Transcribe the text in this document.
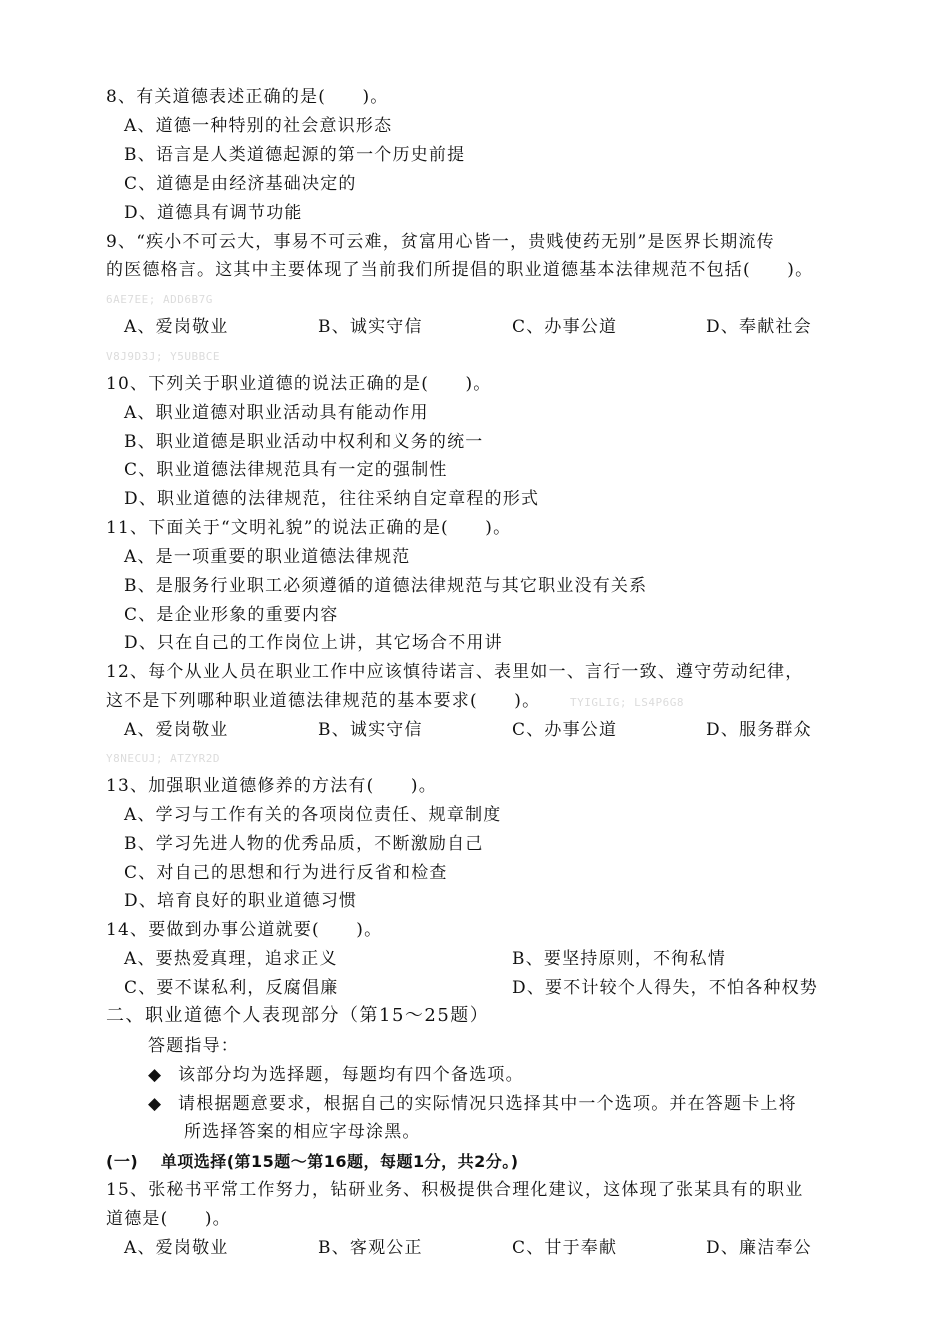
8、有关道德表述正确的是(　　)。
A、道德一种特别的社会意识形态
B、语言是人类道德起源的第一个历史前提
C、道德是由经济基础决定的
D、道德具有调节功能
9、“疾小不可云大，事易不可云难，贫富用心皆一，贵贱使药无别”是医界长期流传
的医德格言。这其中主要体现了当前我们所提倡的职业道德基本法律规范不包括(　　)。
6AE7EE; ADD6B7G
A、爱岗敬业	B、诚实守信	C、办事公道	D、奉献社会
V8J9D3J; Y5UBBCE
10、下列关于职业道德的说法正确的是(　　)。
A、职业道德对职业活动具有能动作用
B、职业道德是职业活动中权利和义务的统一
C、职业道德法律规范具有一定的强制性
D、职业道德的法律规范，往往采纳自定章程的形式
11、下面关于“文明礼貌”的说法正确的是(　　)。
A、是一项重要的职业道德法律规范
B、是服务行业职工必须遵循的道德法律规范与其它职业没有关系
C、是企业形象的重要内容
D、只在自己的工作岗位上讲，其它场合不用讲
12、每个从业人员在职业工作中应该慎待诺言、表里如一、言行一致、遵守劳动纪律，
这不是下列哪种职业道德法律规范的基本要求(　　)。	TYIGLIG; LS4P6G8
A、爱岗敬业	B、诚实守信	C、办事公道	D、服务群众
Y8NECUJ; ATZYR2D
13、加强职业道德修养的方法有(　　)。
A、学习与工作有关的各项岗位责任、规章制度
B、学习先进人物的优秀品质，不断激励自己
C、对自己的思想和行为进行反省和检查
D、培育良好的职业道德习惯
14、要做到办事公道就要(　　)。
A、要热爱真理，追求正义	B、要坚持原则，不徇私情
C、要不谋私利，反腐倡廉	D、要不计较个人得失，不怕各种权势
二、职业道德个人表现部分（第15～25题）
答题指导：
◆ 该部分均为选择题，每题均有四个备选项。
◆ 请根据题意要求，根据自己的实际情况只选择其中一个选项。并在答题卡上将
所选择答案的相应字母涂黑。
(一)　 单项选择(第15题～第16题，每题1分，共2分。)
15、张秘书平常工作努力，钻研业务、积极提供合理化建议，这体现了张某具有的职业
道德是(　　)。
A、爱岗敬业	B、客观公正	C、甘于奉献	D、廉洁奉公
